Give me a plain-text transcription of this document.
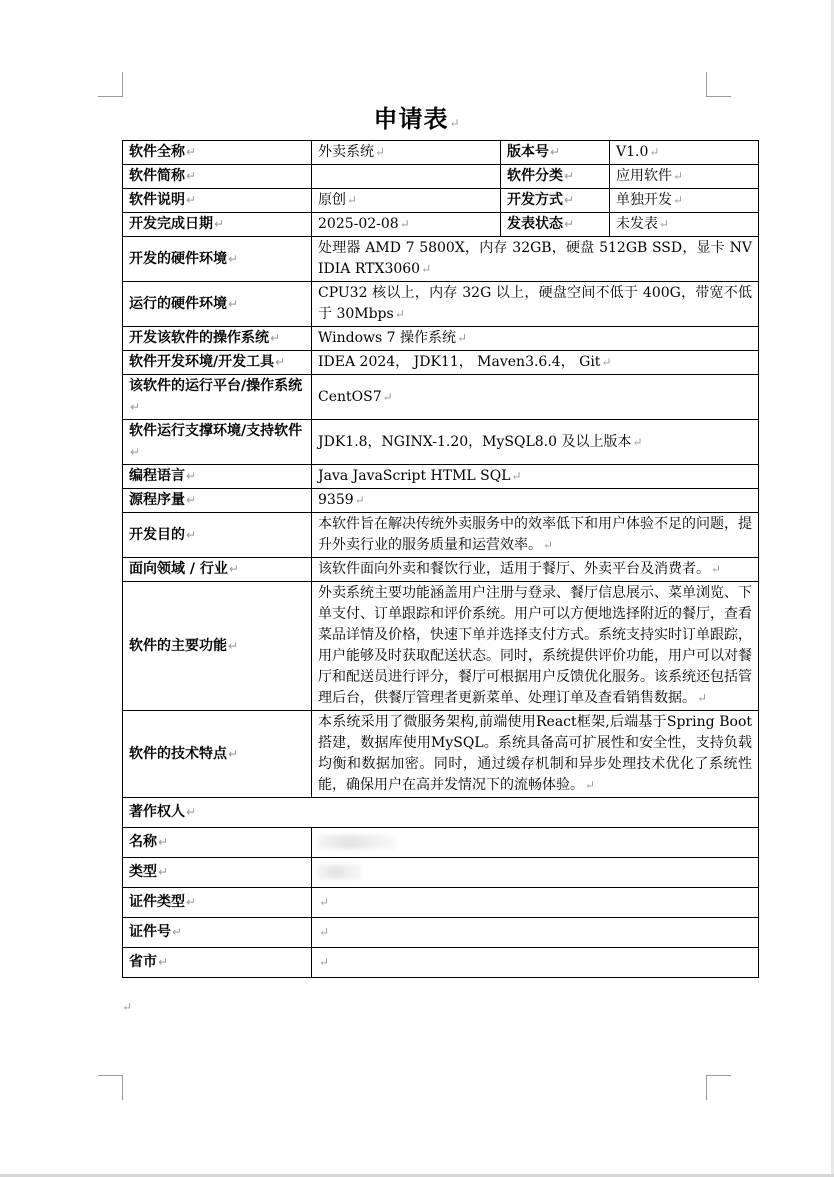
申请表↵
软件全称↵	外卖系统↵	版本号↵	V1.0↵
软件简称↵		软件分类↵	应用软件↵
软件说明↵	原创↵	开发方式↵	单独开发↵
开发完成日期↵	2025-02-08↵	发表状态↵	未发表↵
开发的硬件环境↵	处理器 AMD 7 5800X，内存 32GB，硬盘 512GB SSD，显卡 NVIDIA RTX3060↵		
运行的硬件环境↵	CPU32 核以上，内存 32G 以上，硬盘空间不低于 400G，带宽不低于 30Mbps↵		
开发该软件的操作系统↵	Windows 7 操作系统↵		
软件开发环境/开发工具↵	IDEA 2024， JDK11， Maven3.6.4， Git↵		
该软件的运行平台/操作系统↵	CentOS7↵		
软件运行支撑环境/支持软件↵	JDK1.8，NGINX-1.20，MySQL8.0 及以上版本↵		
编程语言↵	Java JavaScript HTML SQL↵		
源程序量↵	9359↵		
开发目的↵	本软件旨在解决传统外卖服务中的效率低下和用户体验不足的问题，提升外卖行业的服务质量和运营效率。↵		
面向领域 / 行业↵	该软件面向外卖和餐饮行业，适用于餐厅、外卖平台及消费者。↵		
软件的主要功能↵	外卖系统主要功能涵盖用户注册与登录、餐厅信息展示、菜单浏览、下单支付、订单跟踪和评价系统。用户可以方便地选择附近的餐厅，查看菜品详情及价格，快速下单并选择支付方式。系统支持实时订单跟踪，用户能够及时获取配送状态。同时，系统提供评价功能，用户可以对餐厅和配送员进行评分，餐厅可根据用户反馈优化服务。该系统还包括管理后台，供餐厅管理者更新菜单、处理订单及查看销售数据。↵		
软件的技术特点↵	本系统采用了微服务架构,前端使用React框架,后端基于Spring Boot 搭建，数据库使用MySQL。系统具备高可扩展性和安全性，支持负载均衡和数据加密。同时，通过缓存机制和异步处理技术优化了系统性能，确保用户在高并发情况下的流畅体验。↵		
著作权人↵			
名称↵			
类型↵			
证件类型↵	↵		
证件号↵	↵		
省市↵	↵		
↵
